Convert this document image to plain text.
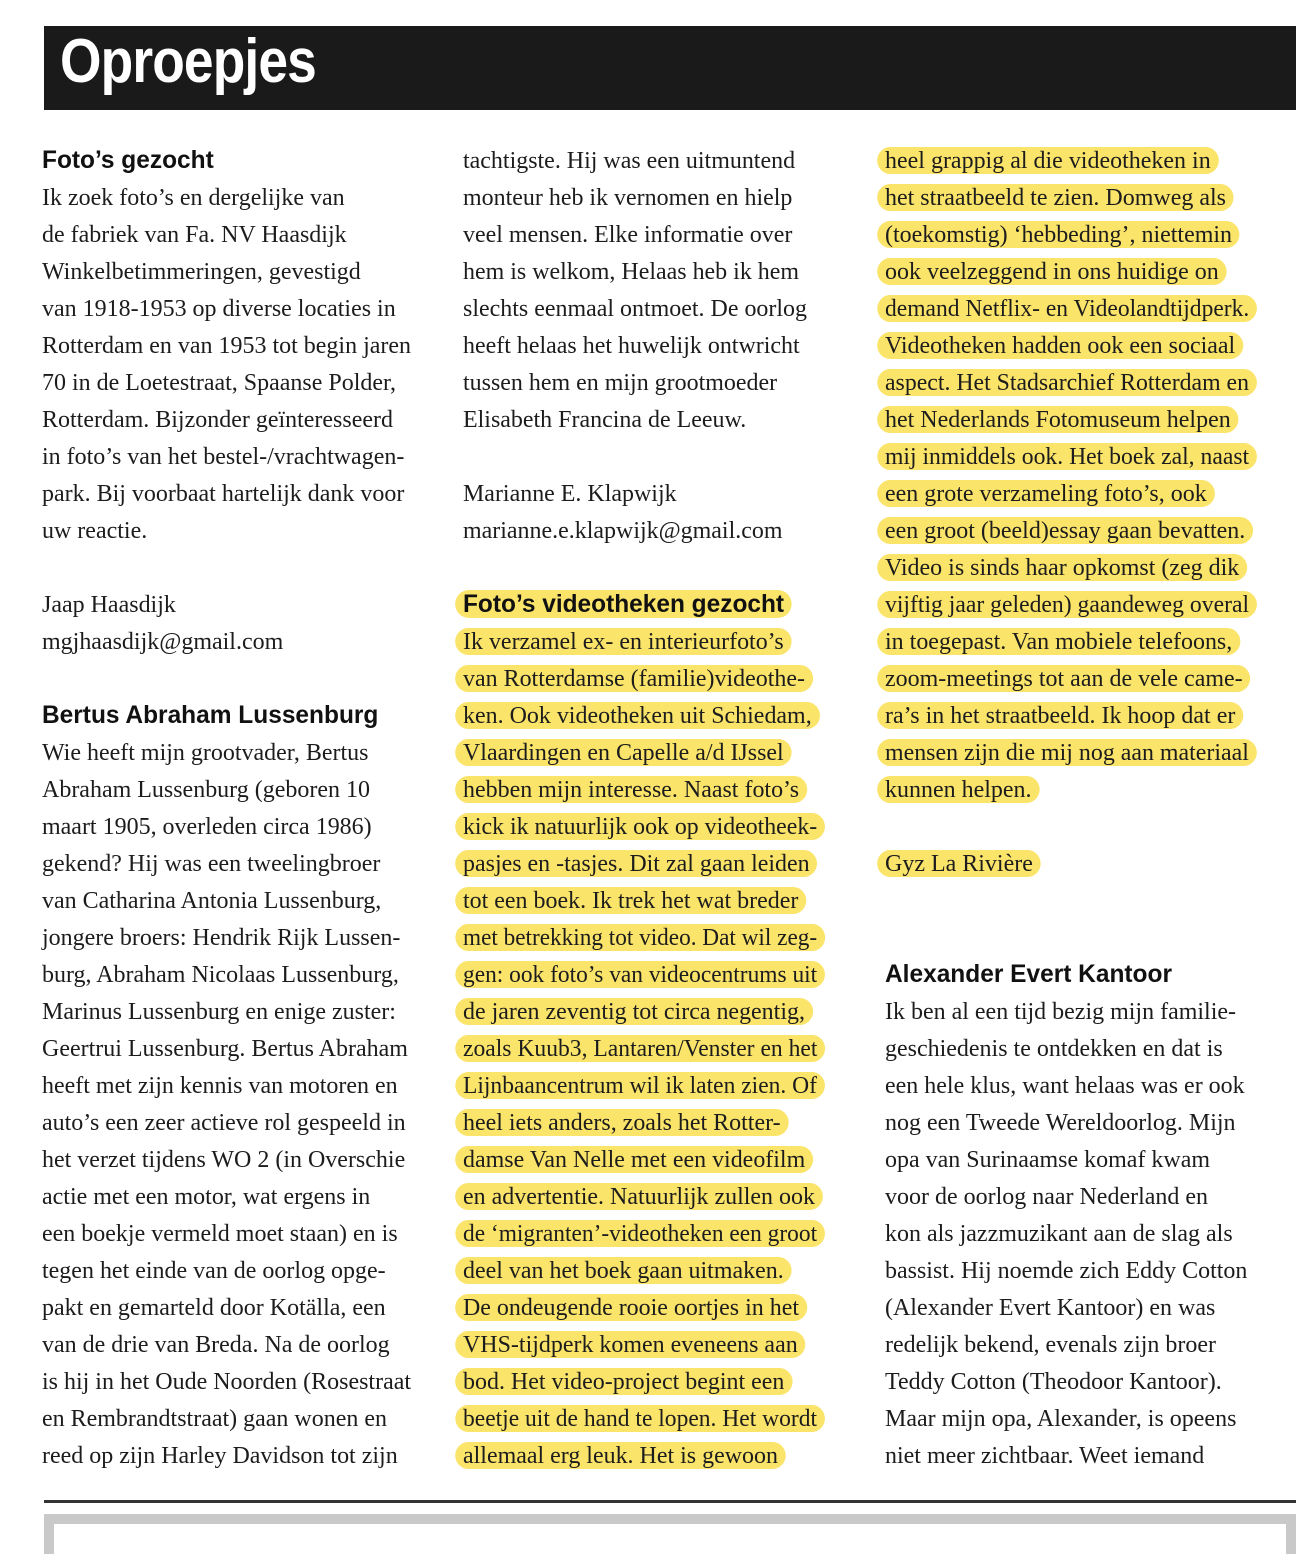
Oproepjes
Foto’s gezocht
Ik zoek foto’s en dergelijke van
de fabriek van Fa. NV Haasdijk
Winkelbetimmeringen, gevestigd
van 1918-1953 op diverse locaties in
Rotterdam en van 1953 tot begin jaren
70 in de Loetestraat, Spaanse Polder,
Rotterdam. Bijzonder geïnteresseerd
in foto’s van het bestel-/vrachtwagen-
park. Bij voorbaat hartelijk dank voor
uw reactie.
Jaap Haasdijk
mgjhaasdijk@gmail.com
Bertus Abraham Lussenburg
Wie heeft mijn grootvader, Bertus
Abraham Lussenburg (geboren 10
maart 1905, overleden circa 1986)
gekend? Hij was een tweelingbroer
van Catharina Antonia Lussenburg,
jongere broers: Hendrik Rijk Lussen-
burg, Abraham Nicolaas Lussenburg,
Marinus Lussenburg en enige zuster:
Geertrui Lussenburg. Bertus Abraham
heeft met zijn kennis van motoren en
auto’s een zeer actieve rol gespeeld in
het verzet tijdens WO 2 (in Overschie
actie met een motor, wat ergens in
een boekje vermeld moet staan) en is
tegen het einde van de oorlog opge-
pakt en gemarteld door Kotälla, een
van de drie van Breda. Na de oorlog
is hij in het Oude Noorden (Rosestraat
en Rembrandtstraat) gaan wonen en
reed op zijn Harley Davidson tot zijn
tachtigste. Hij was een uitmuntend
monteur heb ik vernomen en hielp
veel mensen. Elke informatie over
hem is welkom, Helaas heb ik hem
slechts eenmaal ontmoet. De oorlog
heeft helaas het huwelijk ontwricht
tussen hem en mijn grootmoeder
Elisabeth Francina de Leeuw.
Marianne E. Klapwijk
marianne.e.klapwijk@gmail.com
Foto’s videotheken gezocht
Ik verzamel ex- en interieurfoto’s
van Rotterdamse (familie)videothe-
ken. Ook videotheken uit Schiedam,
Vlaardingen en Capelle a/d IJssel
hebben mijn interesse. Naast foto’s
kick ik natuurlijk ook op videotheek-
pasjes en -tasjes. Dit zal gaan leiden
tot een boek. Ik trek het wat breder
met betrekking tot video. Dat wil zeg-
gen: ook foto’s van videocentrums uit
de jaren zeventig tot circa negentig,
zoals Kuub3, Lantaren/Venster en het
Lijnbaancentrum wil ik laten zien. Of
heel iets anders, zoals het Rotter-
damse Van Nelle met een videofilm
en advertentie. Natuurlijk zullen ook
de ‘migranten’-videotheken een groot
deel van het boek gaan uitmaken.
De ondeugende rooie oortjes in het
VHS-tijdperk komen eveneens aan
bod. Het video-project begint een
beetje uit de hand te lopen. Het wordt
allemaal erg leuk. Het is gewoon
heel grappig al die videotheken in
het straatbeeld te zien. Domweg als
(toekomstig) ‘hebbeding’, niettemin
ook veelzeggend in ons huidige on
demand Netflix- en Videolandtijdperk.
Videotheken hadden ook een sociaal
aspect. Het Stadsarchief Rotterdam en
het Nederlands Fotomuseum helpen
mij inmiddels ook. Het boek zal, naast
een grote verzameling foto’s, ook
een groot (beeld)essay gaan bevatten.
Video is sinds haar opkomst (zeg dik
vijftig jaar geleden) gaandeweg overal
in toegepast. Van mobiele telefoons,
zoom-meetings tot aan de vele came-
ra’s in het straatbeeld. Ik hoop dat er
mensen zijn die mij nog aan materiaal
kunnen helpen.
Gyz La Rivière
Alexander Evert Kantoor
Ik ben al een tijd bezig mijn familie-
geschiedenis te ontdekken en dat is
een hele klus, want helaas was er ook
nog een Tweede Wereldoorlog. Mijn
opa van Surinaamse komaf kwam
voor de oorlog naar Nederland en
kon als jazzmuzikant aan de slag als
bassist. Hij noemde zich Eddy Cotton
(Alexander Evert Kantoor) en was
redelijk bekend, evenals zijn broer
Teddy Cotton (Theodoor Kantoor).
Maar mijn opa, Alexander, is opeens
niet meer zichtbaar. Weet iemand
